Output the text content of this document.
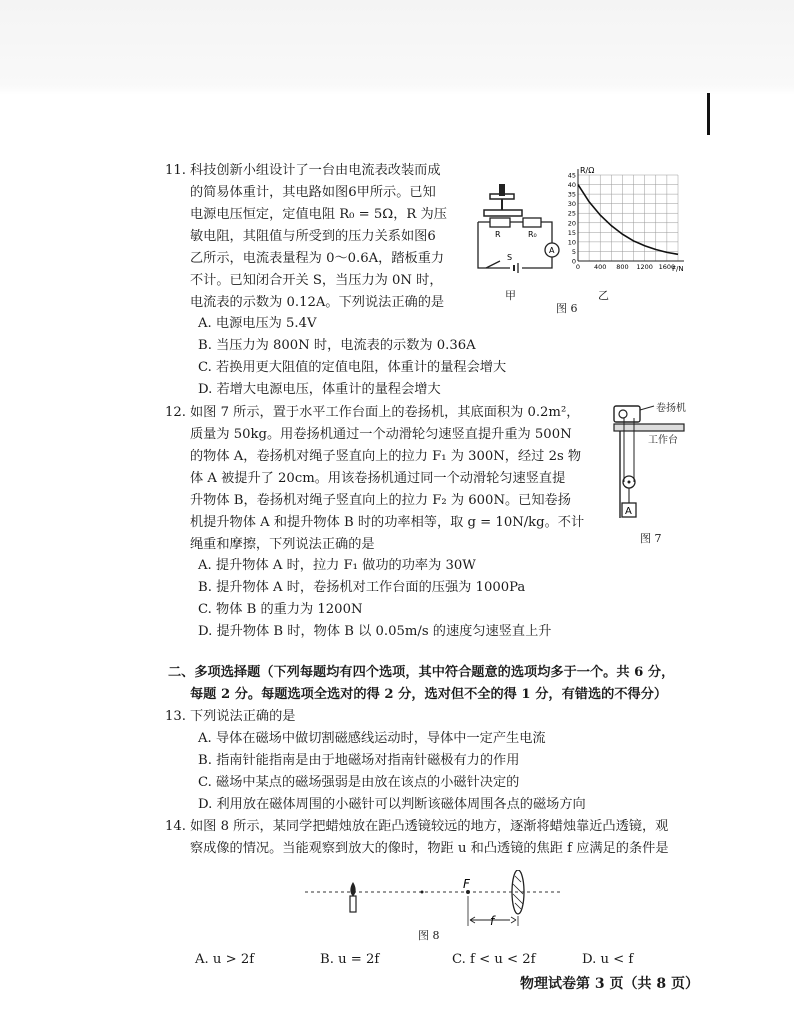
11. 科技创新小组设计了一台由电流表改装而成
的简易体重计，其电路如图6甲所示。已知
电源电压恒定，定值电阻 R₀ = 5Ω，R 为压
敏电阻，其阻值与所受到的压力关系如图6
乙所示，电流表量程为 0～0.6A，踏板重力
不计。已知闭合开关 S，当压力为 0N 时，
电流表的示数为 0.12A。下列说法正确的是
A. 电源电压为 5.4V
B. 当压力为 800N 时，电流表的示数为 0.36A
C. 若换用更大阻值的定值电阻，体重计的量程会增大
D. 若增大电源电压，体重计的量程会增大
R	R₀
S
A
0
5
10
15
20
25
30
35
40
45
0 400 800 1200 1600
R/Ω
F/N
甲	乙
图 6
12. 如图 7 所示，置于水平工作台面上的卷扬机，其底面积为 0.2m²，
质量为 50kg。用卷扬机通过一个动滑轮匀速竖直提升重为 500N
的物体 A，卷扬机对绳子竖直向上的拉力 F₁ 为 300N，经过 2s 物
体 A 被提升了 20cm。用该卷扬机通过同一个动滑轮匀速竖直提
升物体 B，卷扬机对绳子竖直向上的拉力 F₂ 为 600N。已知卷扬
机提升物体 A 和提升物体 B 时的功率相等，取 g = 10N/kg。不计
绳重和摩擦，下列说法正确的是
A. 提升物体 A 时，拉力 F₁ 做功的功率为 30W
B. 提升物体 A 时，卷扬机对工作台面的压强为 1000Pa
C. 物体 B 的重力为 1200N
D. 提升物体 B 时，物体 B 以 0.05m/s 的速度匀速竖直上升
A
卷扬机
工作台
图 7
二、多项选择题（下列每题均有四个选项，其中符合题意的选项均多于一个。共 6 分，
每题 2 分。每题选项全选对的得 2 分，选对但不全的得 1 分，有错选的不得分）
13. 下列说法正确的是
A. 导体在磁场中做切割磁感线运动时，导体中一定产生电流
B. 指南针能指南是由于地磁场对指南针磁极有力的作用
C. 磁场中某点的磁场强弱是由放在该点的小磁针决定的
D. 利用放在磁体周围的小磁针可以判断该磁体周围各点的磁场方向
14. 如图 8 所示，某同学把蜡烛放在距凸透镜较远的地方，逐渐将蜡烛靠近凸透镜，观
察成像的情况。当能观察到放大的像时，物距 u 和凸透镜的焦距 f 应满足的条件是
F
f
图 8
A. u > 2f	B. u = 2f	C. f < u < 2f	D. u < f
物理试卷第 3 页（共 8 页）
